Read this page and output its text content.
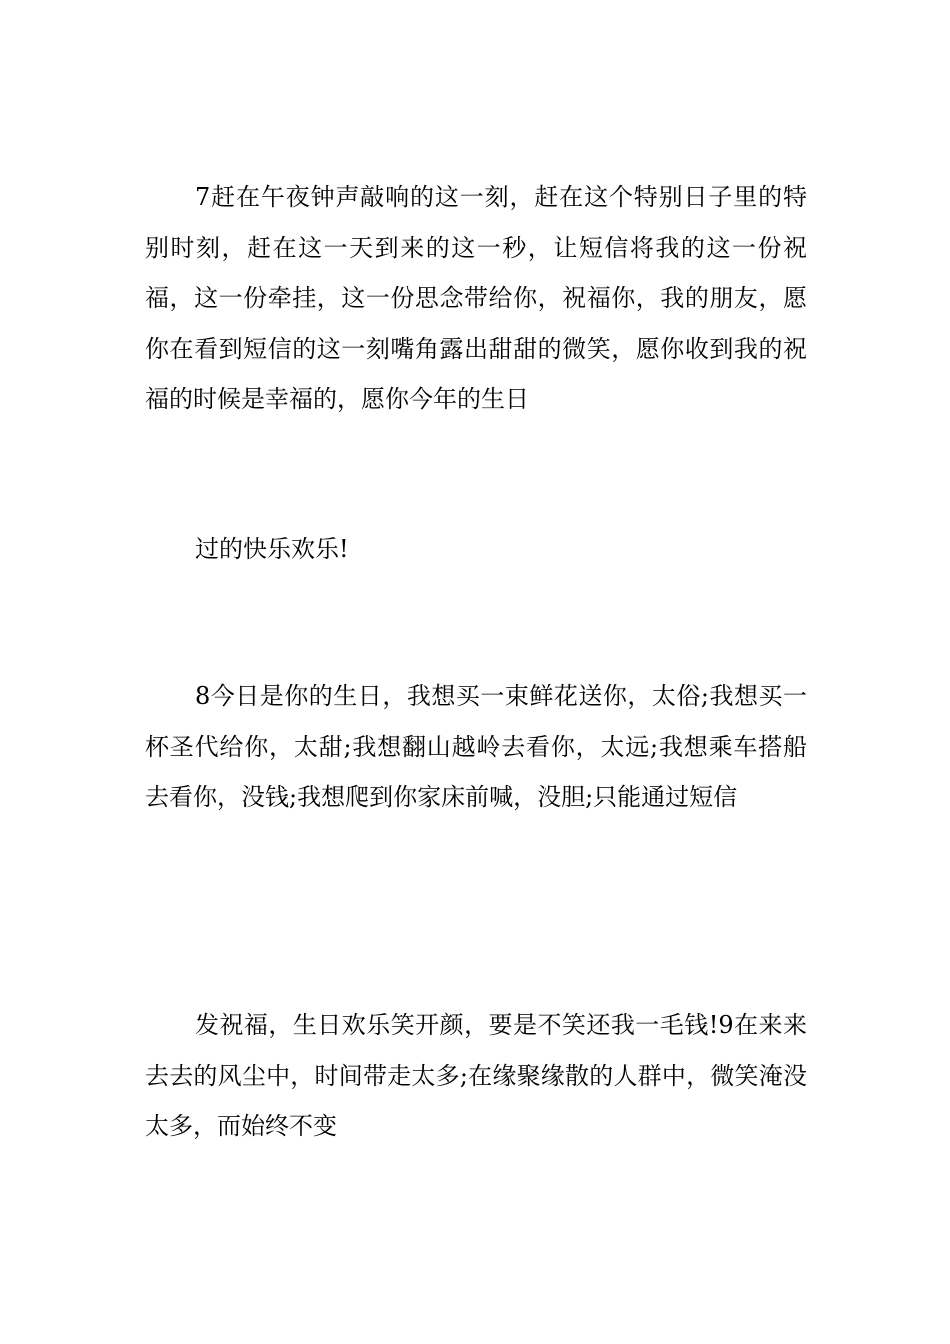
7赶在午夜钟声敲响的这一刻，赶在这个特别日子里的特别时刻，赶在这一天到来的这一秒，让短信将我的这一份祝福，这一份牵挂，这一份思念带给你，祝福你，我的朋友，愿你在看到短信的这一刻嘴角露出甜甜的微笑，愿你收到我的祝福的时候是幸福的，愿你今年的生日

过的快乐欢乐!

8今日是你的生日，我想买一束鲜花送你，太俗;我想买一杯圣代给你，太甜;我想翻山越岭去看你，太远;我想乘车搭船去看你，没钱;我想爬到你家床前喊，没胆;只能通过短信

发祝福，生日欢乐笑开颜，要是不笑还我一毛钱!9在来来去去的风尘中，时间带走太多;在缘聚缘散的人群中，微笑淹没太多，而始终不变
